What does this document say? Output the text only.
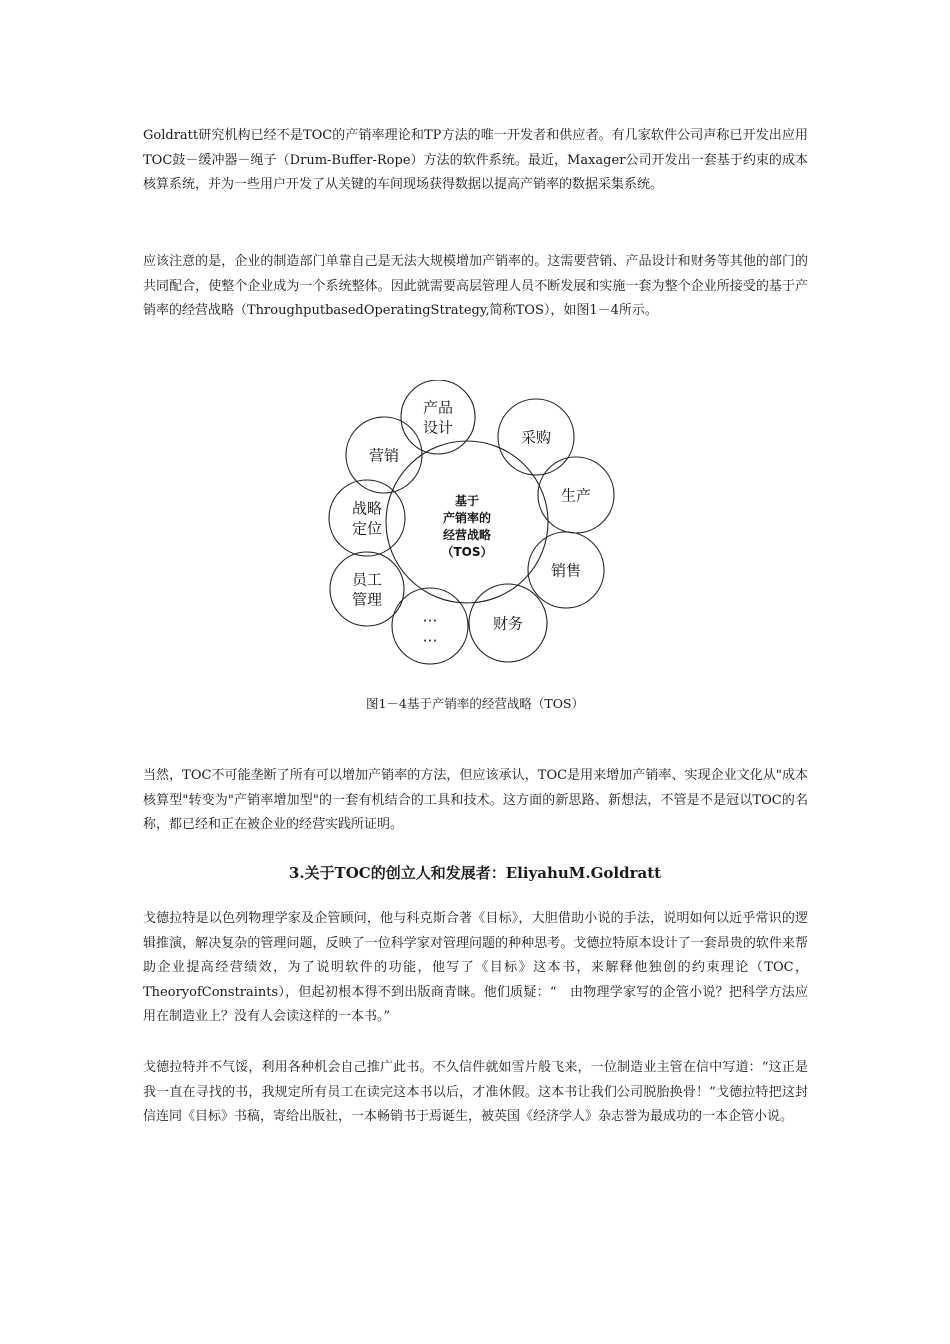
Goldratt研究机构已经不是TOC的产销率理论和TP方法的唯一开发者和供应者。有几家软件公司声称已开发出应用TOC鼓－缓冲器－绳子（Drum-Buffer-Rope）方法的软件系统。最近，Maxager公司开发出一套基于约束的成本核算系统，并为一些用户开发了从关键的车间现场获得数据以提高产销率的数据采集系统。

应该注意的是，企业的制造部门单靠自己是无法大规模增加产销率的。这需要营销、产品设计和财务等其他的部门的共同配合，使整个企业成为一个系统整体。因此就需要高层管理人员不断发展和实施一套为整个企业所接受的基于产销率的经营战略（ThroughputbasedOperatingStrategy,简称TOS），如图1－4所示。

基于
产销率的
经营战略
（TOS）
产品
设计
采购
生产
销售
财务
…
…
员工
管理
战略
定位
营销
图1－4基于产销率的经营战略（TOS）

当然，TOC不可能垄断了所有可以增加产销率的方法，但应该承认，TOC是用来增加产销率、实现企业文化从"成本核算型"转变为"产销率增加型"的一套有机结合的工具和技术。这方面的新思路、新想法，不管是不是冠以TOC的名称，都已经和正在被企业的经营实践所证明。

3.关于TOC的创立人和发展者：EliyahuM.Goldratt

戈德拉特是以色列物理学家及企管顾问，他与科克斯合著《目标》，大胆借助小说的手法，说明如何以近乎常识的逻辑推演，解决复杂的管理问题，反映了一位科学家对管理问题的种种思考。戈德拉特原本设计了一套昂贵的软件来帮助企业提高经营绩效，为了说明软件的功能，他写了《目标》这本书，来解释他独创的约束理论（TOC，TheoryofConstraints），但起初根本得不到出版商青睐。他们质疑：“　由物理学家写的企管小说？把科学方法应用在制造业上？没有人会读这样的一本书。”

戈德拉特并不气馁，利用各种机会自己推广此书。不久信件就如雪片般飞来，一位制造业主管在信中写道：“这正是我一直在寻找的书，我规定所有员工在读完这本书以后，才准休假。这本书让我们公司脱胎换骨！”戈德拉特把这封信连同《目标》书稿，寄给出版社，一本畅销书于焉诞生，被英国《经济学人》杂志誉为最成功的一本企管小说。
